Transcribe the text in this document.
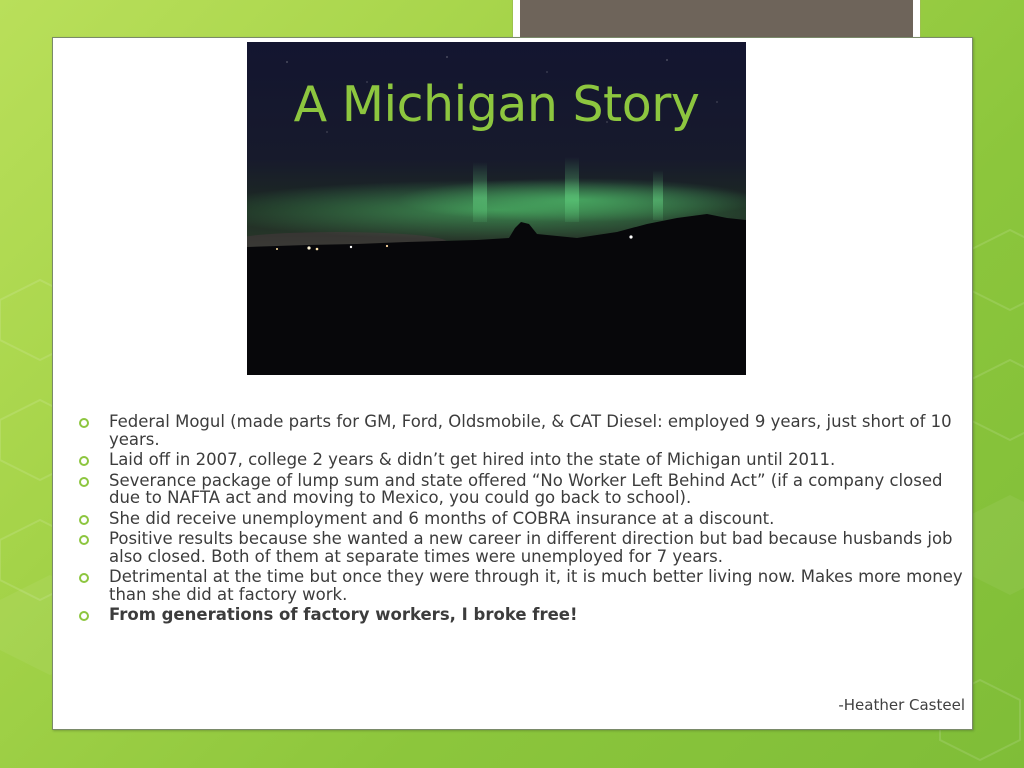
A Michigan Story
Federal Mogul (made parts for GM, Ford, Oldsmobile, & CAT Diesel: employed 9 years, just short of 10 years.
Laid off in 2007, college 2 years & didn’t get hired into the state of Michigan until 2011.
Severance package of lump sum and state offered “No Worker Left Behind Act” (if a company closed due to NAFTA act and moving to Mexico, you could go back to school).
She did receive unemployment and 6 months of COBRA insurance at a discount.
Positive results because she wanted a new career in different direction but bad because husbands job also closed. Both of them at separate times were unemployed for 7 years.
Detrimental at the time but once they were through it, it is much better living now. Makes more money than she did at factory work.
From generations of factory workers, I broke free!

-Heather Casteel
